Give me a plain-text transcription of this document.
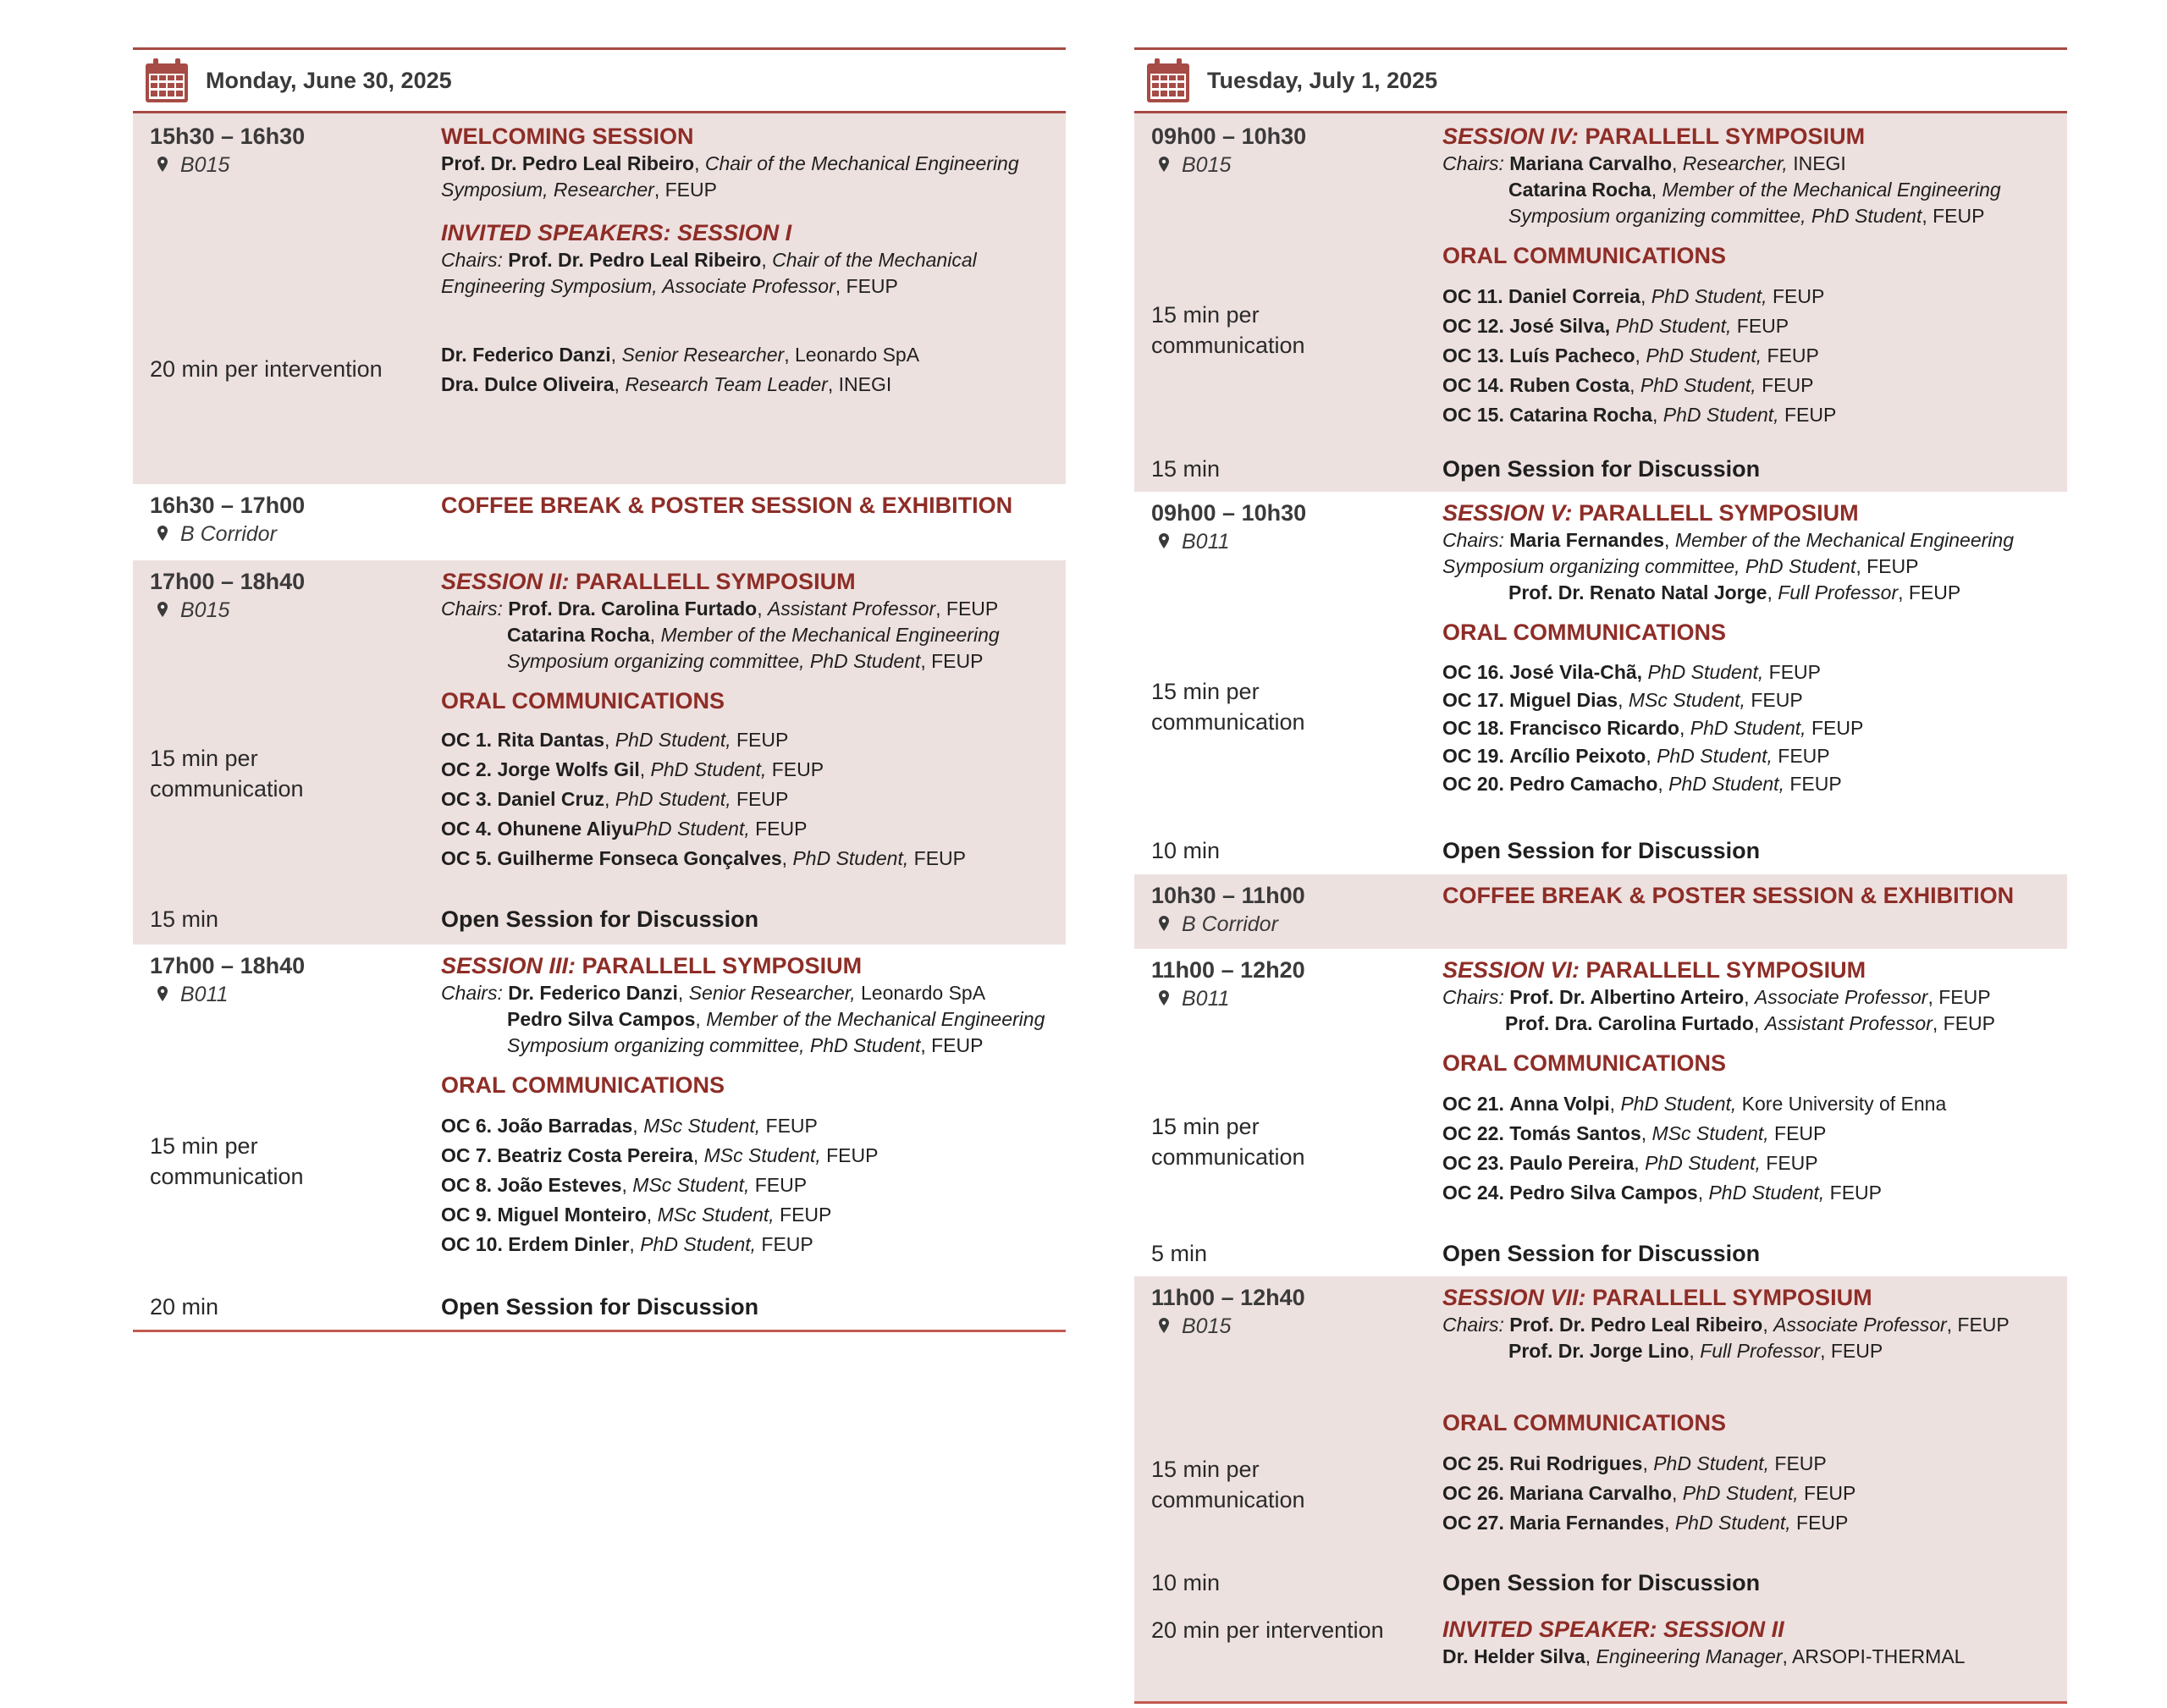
Monday, June 30, 2025
15h30 – 16h30
B015
20 min per intervention
WELCOMING SESSION
Prof. Dr. Pedro Leal Ribeiro, Chair of the Mechanical Engineering Symposium, Researcher, FEUP
INVITED SPEAKERS: SESSION I
Chairs: Prof. Dr. Pedro Leal Ribeiro, Chair of the Mechanical Engineering Symposium, Associate Professor, FEUP
Dr. Federico Danzi, Senior Researcher, Leonardo SpA
Dra. Dulce Oliveira, Research Team Leader, INEGI
16h30 – 17h00
B Corridor
COFFEE BREAK & POSTER SESSION & EXHIBITION
17h00 – 18h40
B015
15 min per communication
15 min
SESSION II: PARALLELL SYMPOSIUM
Chairs: Prof. Dra. Carolina Furtado, Assistant Professor, FEUP
Catarina Rocha, Member of the Mechanical Engineering Symposium organizing committee, PhD Student, FEUP
ORAL COMMUNICATIONS
OC 1. Rita Dantas, PhD Student, FEUP
OC 2. Jorge Wolfs Gil, PhD Student, FEUP
OC 3. Daniel Cruz, PhD Student, FEUP
OC 4. Ohunene AliyuPhD Student, FEUP
OC 5. Guilherme Fonseca Gonçalves, PhD Student, FEUP
Open Session for Discussion
17h00 – 18h40
B011
15 min per communication
20 min
SESSION III: PARALLELL SYMPOSIUM
Chairs: Dr. Federico Danzi, Senior Researcher, Leonardo SpA
Pedro Silva Campos, Member of the Mechanical Engineering Symposium organizing committee, PhD Student, FEUP
ORAL COMMUNICATIONS
OC 6. João Barradas, MSc Student, FEUP
OC 7. Beatriz Costa Pereira, MSc Student, FEUP
OC 8. João Esteves, MSc Student, FEUP
OC 9. Miguel Monteiro, MSc Student, FEUP
OC 10. Erdem Dinler, PhD Student, FEUP
Open Session for Discussion
Tuesday, July 1, 2025
09h00 – 10h30
B015
15 min per communication
15 min
SESSION IV: PARALLELL SYMPOSIUM
Chairs: Mariana Carvalho, Researcher, INEGI
Catarina Rocha, Member of the Mechanical Engineering Symposium organizing committee, PhD Student, FEUP
ORAL COMMUNICATIONS
OC 11. Daniel Correia, PhD Student, FEUP
OC 12. José Silva, PhD Student, FEUP
OC 13. Luís Pacheco, PhD Student, FEUP
OC 14. Ruben Costa, PhD Student, FEUP
OC 15. Catarina Rocha, PhD Student, FEUP
Open Session for Discussion
09h00 – 10h30
B011
15 min per communication
10 min
SESSION V: PARALLELL SYMPOSIUM
Chairs: Maria Fernandes, Member of the Mechanical Engineering Symposium organizing committee, PhD Student, FEUP
Prof. Dr. Renato Natal Jorge, Full Professor, FEUP
ORAL COMMUNICATIONS
OC 16. José Vila-Chã, PhD Student, FEUP
OC 17. Miguel Dias, MSc Student, FEUP
OC 18. Francisco Ricardo, PhD Student, FEUP
OC 19. Arcílio Peixoto, PhD Student, FEUP
OC 20. Pedro Camacho, PhD Student, FEUP
Open Session for Discussion
10h30 – 11h00
B Corridor
COFFEE BREAK & POSTER SESSION & EXHIBITION
11h00 – 12h20
B011
15 min per communication
5 min
SESSION VI: PARALLELL SYMPOSIUM
Chairs: Prof. Dr. Albertino Arteiro, Associate Professor, FEUP
Prof. Dra. Carolina Furtado, Assistant Professor, FEUP
ORAL COMMUNICATIONS
OC 21. Anna Volpi, PhD Student, Kore University of Enna
OC 22. Tomás Santos, MSc Student, FEUP
OC 23. Paulo Pereira, PhD Student, FEUP
OC 24. Pedro Silva Campos, PhD Student, FEUP
Open Session for Discussion
11h00 – 12h40
B015
15 min per communication
10 min
20 min per intervention
SESSION VII: PARALLELL SYMPOSIUM
Chairs: Prof. Dr. Pedro Leal Ribeiro, Associate Professor, FEUP
Prof. Dr. Jorge Lino, Full Professor, FEUP
ORAL COMMUNICATIONS
OC 25. Rui Rodrigues, PhD Student, FEUP
OC 26. Mariana Carvalho, PhD Student, FEUP
OC 27. Maria Fernandes, PhD Student, FEUP
Open Session for Discussion
INVITED SPEAKER: SESSION II
Dr. Helder Silva, Engineering Manager, ARSOPI-THERMAL
